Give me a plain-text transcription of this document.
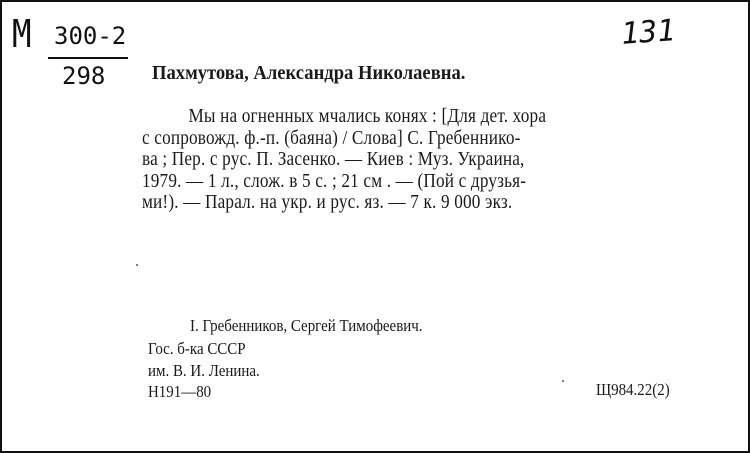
М 300-2
298
131
Пахмутова, Александра Николаевна.
Мы на огненных мчались конях : [Для дет. хора
с сопровожд. ф.-п. (баяна) / Слова] С. Гребеннико-
ва ; Пер. с рус. П. Засенко. — Киев : Муз. Украина,
1979. — 1 л., слож. в 5 с. ; 21 см . — (Пой с друзья-
ми!). — Парал. на укр. и рус. яз. — 7 к. 9 000 экз.
I. Гребенников, Сергей Тимофеевич.
Гос. б-ка СССР
им. В. И. Ленина.
Н191—80	Щ984.22(2)
